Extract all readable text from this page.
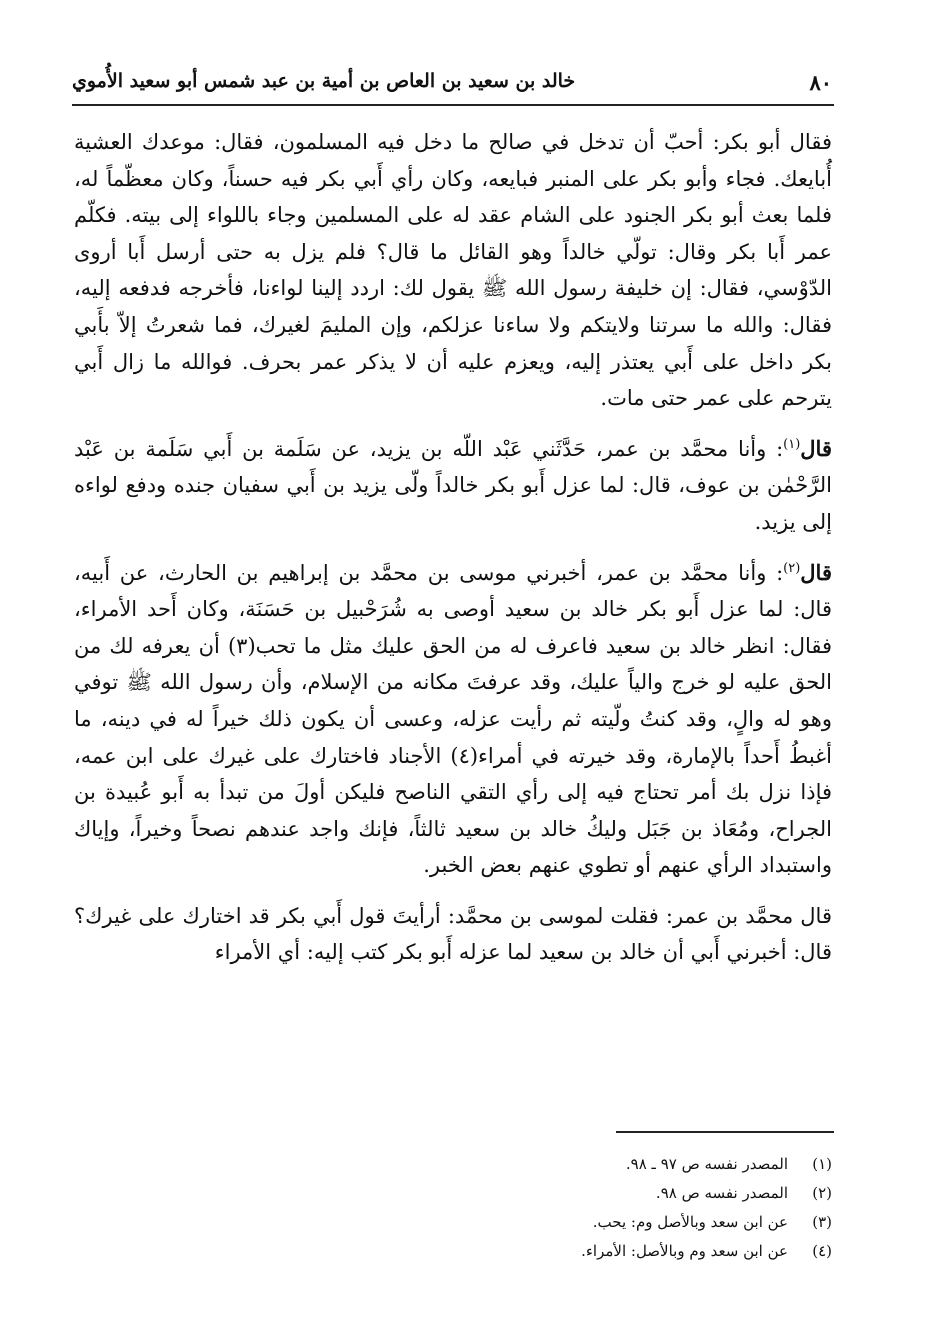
٨٠
خالد بن سعيد بن العاص بن أمية بن عبد شمس أبو سعيد الأُموي

فقال أبو بكر: أحبّ أن تدخل في صالح ما دخل فيه المسلمون، فقال: موعدك العشية أُبايعك. فجاء وأبو بكر على المنبر فبايعه، وكان رأي أَبي بكر فيه حسناً، وكان معظّماً له، فلما بعث أبو بكر الجنود على الشام عقد له على المسلمين وجاء باللواء إلى بيته. فكلّم عمر أَبا بكر وقال: تولّي خالداً وهو القائل ما قال؟ فلم يزل به حتى أرسل أَبا أروى الدّوْسي، فقال: إن خليفة رسول الله ﷺ يقول لك: اردد إلينا لواءنا، فأخرجه فدفعه إليه، فقال: والله ما سرتنا ولايتكم ولا ساءنا عزلكم، وإن المليمَ لغيرك، فما شعرتُ إلاّ بأَبي بكر داخل على أَبي يعتذر إليه، ويعزم عليه أن لا يذكر عمر بحرف. فوالله ما زال أَبي يترحم على عمر حتى مات.

قال$^{(١)}$: وأنا محمَّد بن عمر، حَدَّثَني عَبْد اللّه بن يزيد، عن سَلَمة بن أَبي سَلَمة بن عَبْد الرَّحْمٰن بن عوف، قال: لما عزل أَبو بكر خالداً ولّى يزيد بن أَبي سفيان جنده ودفع لواءه إلى يزيد.

قال$^{(٢)}$: وأنا محمَّد بن عمر، أخبرني موسى بن محمَّد بن إبراهيم بن الحارث، عن أَبيه، قال: لما عزل أَبو بكر خالد بن سعيد أوصى به شُرَحْبيل بن حَسَنَة، وكان أَحد الأمراء، فقال: انظر خالد بن سعيد فاعرف له من الحق عليك مثل ما تحب(٣) أن يعرفه لك من الحق عليه لو خرج والياً عليك، وقد عرفتَ مكانه من الإسلام، وأن رسول الله ﷺ توفي وهو له والٍ، وقد كنتُ ولّيته ثم رأيت عزله، وعسى أن يكون ذلك خيراً له في دينه، ما أغبطُ أَحداً بالإمارة، وقد خيرته في أمراء(٤) الأجناد فاختارك على غيرك على ابن عمه، فإذا نزل بك أمر تحتاج فيه إلى رأي التقي الناصح فليكن أولَ من تبدأ به أَبو عُبيدة بن الجراح، ومُعَاذ بن جَبَل وليكُ خالد بن سعيد ثالثاً، فإنك واجد عندهم نصحاً وخيراً، وإياك واستبداد الرأي عنهم أو تطوي عنهم بعض الخبر.

قال محمَّد بن عمر: فقلت لموسى بن محمَّد: أرأيتَ قول أَبي بكر قد اختارك على غيرك؟ قال: أخبرني أَبي أن خالد بن سعيد لما عزله أَبو بكر كتب إليه: أي الأمراء

(١)المصدر نفسه ص ٩٧ ـ ٩٨.
(٢)المصدر نفسه ص ٩٨.
(٣)عن ابن سعد وبالأصل وم: يحب.
(٤)عن ابن سعد وم وبالأصل: الأمراء.
